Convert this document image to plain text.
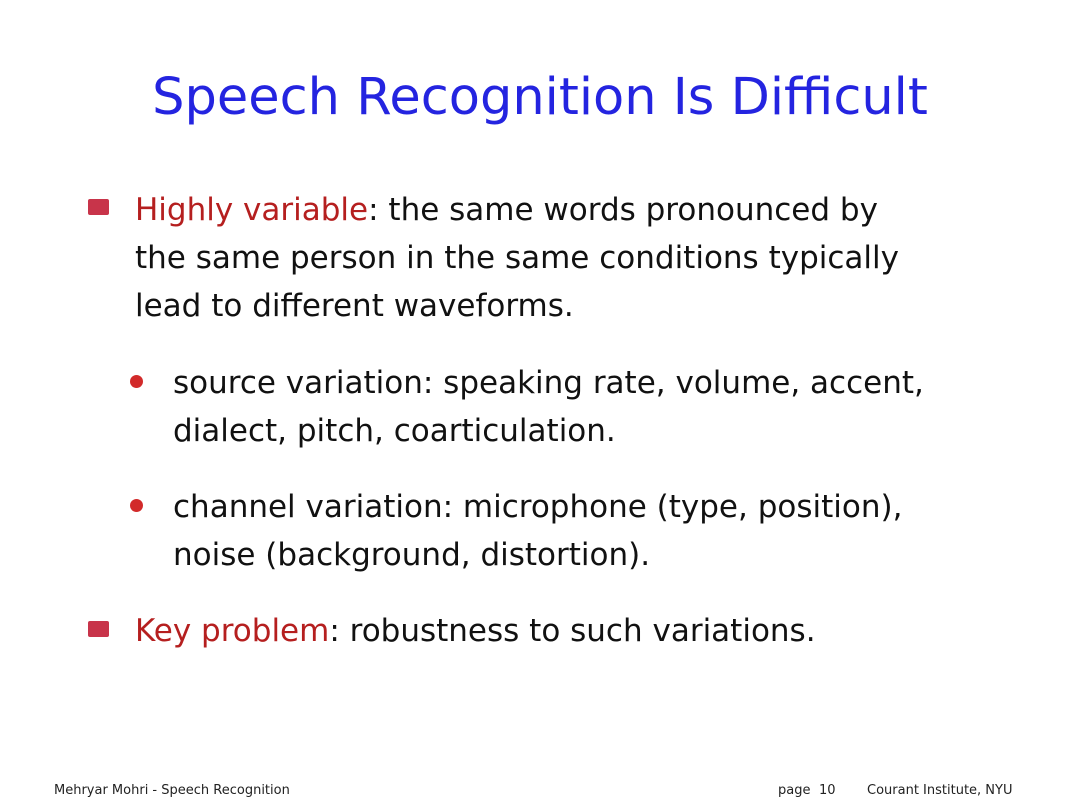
Speech Recognition Is Difficult
Highly variable: the same words pronounced by
the same person in the same conditions typically
lead to different waveforms.
source variation: speaking rate, volume, accent,
dialect, pitch, coarticulation.
channel variation: microphone (type, position),
noise (background, distortion).
Key problem: robustness to such variations.
Mehryar Mohri - Speech Recognition	page 10 Courant Institute, NYU
